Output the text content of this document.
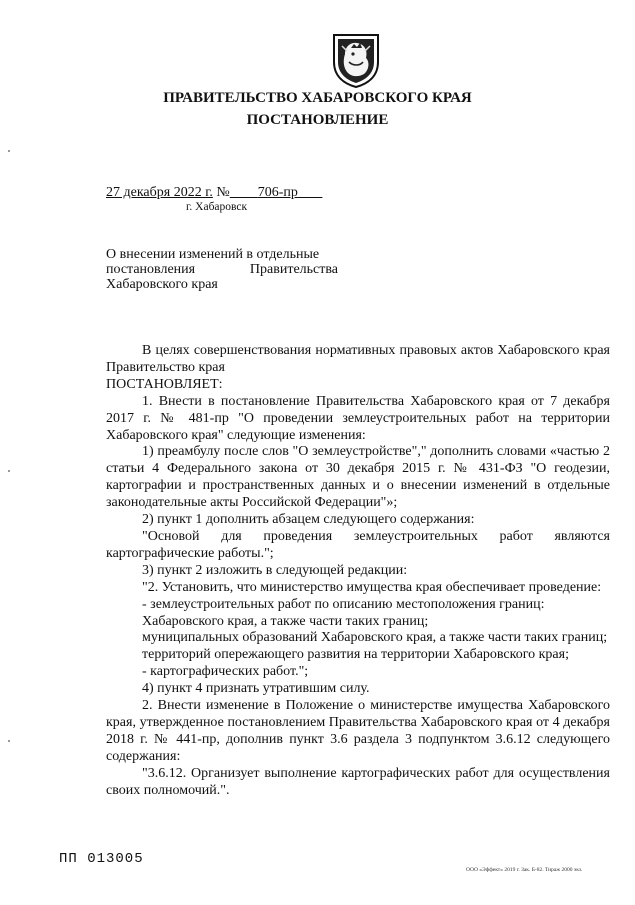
ПРАВИТЕЛЬСТВО ХАБАРОВСКОГО КРАЯ
ПОСТАНОВЛЕНИЕ
27 декабря 2022 г. № 706-пр
г. Хабаровск
О внесении изменений в отдельные
постановления Правительства
Хабаровского края
В целях совершенствования нормативных правовых актов Хабаровского края Правительство края
ПОСТАНОВЛЯЕТ:
1. Внести в постановление Правительства Хабаровского края от 7 декабря 2017 г. № 481-пр "О проведении землеустроительных работ на территории Хабаровского края" следующие изменения:
1) преамбулу после слов "О землеустройстве"," дополнить словами «частью 2 статьи 4 Федерального закона от 30 декабря 2015 г. № 431-ФЗ "О геодезии, картографии и пространственных данных и о внесении изменений в отдельные законодательные акты Российской Федерации"»;
2) пункт 1 дополнить абзацем следующего содержания:
"Основой для проведения землеустроительных работ являются картографические работы.";
3) пункт 2 изложить в следующей редакции:
"2. Установить, что министерство имущества края обеспечивает проведение:
- землеустроительных работ по описанию местоположения границ:
Хабаровского края, а также части таких границ;
муниципальных образований Хабаровского края, а также части таких границ;
территорий опережающего развития на территории Хабаровского края;
- картографических работ.";
4) пункт 4 признать утратившим силу.
2. Внести изменение в Положение о министерстве имущества Хабаровского края, утвержденное постановлением Правительства Хабаровского края от 4 декабря 2018 г. № 441-пр, дополнив пункт 3.6 раздела 3 подпунктом 3.6.12 следующего содержания:
"3.6.12. Организует выполнение картографических работ для осуществления своих полномочий.".
ПП 013005
ООО «Эффект» 2019 г. Зак. Б-82. Тираж 2000 экз.
